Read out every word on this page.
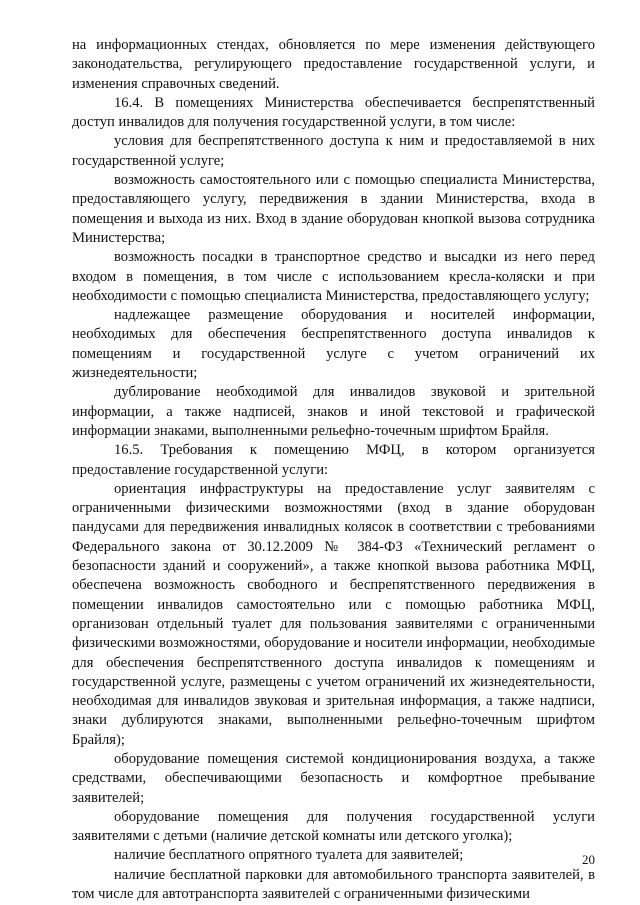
на информационных стендах, обновляется по мере изменения действующего законодательства, регулирующего предоставление государственной услуги, и изменения справочных сведений.

16.4. В помещениях Министерства обеспечивается беспрепятственный доступ инвалидов для получения государственной услуги, в том числе:

условия для беспрепятственного доступа к ним и предоставляемой в них государственной услуге;

возможность самостоятельного или с помощью специалиста Министерства, предоставляющего услугу, передвижения в здании Министерства, входа в помещения и выхода из них. Вход в здание оборудован кнопкой вызова сотрудника Министерства;

возможность посадки в транспортное средство и высадки из него перед входом в помещения, в том числе с использованием кресла-коляски и при необходимости с помощью специалиста Министерства, предоставляющего услугу;

надлежащее размещение оборудования и носителей информации, необходимых для обеспечения беспрепятственного доступа инвалидов к помещениям и государственной услуге с учетом ограничений их жизнедеятельности;

дублирование необходимой для инвалидов звуковой и зрительной информации, а также надписей, знаков и иной текстовой и графической информации знаками, выполненными рельефно-точечным шрифтом Брайля.

16.5. Требования к помещению МФЦ, в котором организуется предоставление государственной услуги:

ориентация инфраструктуры на предоставление услуг заявителям с ограниченными физическими возможностями (вход в здание оборудован пандусами для передвижения инвалидных колясок в соответствии с требованиями Федерального закона от 30.12.2009 № 384-ФЗ «Технический регламент о безопасности зданий и сооружений», а также кнопкой вызова работника МФЦ, обеспечена возможность свободного и беспрепятственного передвижения в помещении инвалидов самостоятельно или с помощью работника МФЦ, организован отдельный туалет для пользования заявителями с ограниченными физическими возможностями, оборудование и носители информации, необходимые для обеспечения беспрепятственного доступа инвалидов к помещениям и государственной услуге, размещены с учетом ограничений их жизнедеятельности, необходимая для инвалидов звуковая и зрительная информация, а также надписи, знаки дублируются знаками, выполненными рельефно-точечным шрифтом Брайля);

оборудование помещения системой кондиционирования воздуха, а также средствами, обеспечивающими безопасность и комфортное пребывание заявителей;

оборудование помещения для получения государственной услуги заявителями с детьми (наличие детской комнаты или детского уголка);

наличие бесплатного опрятного туалета для заявителей;

наличие бесплатной парковки для автомобильного транспорта заявителей, в том числе для автотранспорта заявителей с ограниченными физическими

20
